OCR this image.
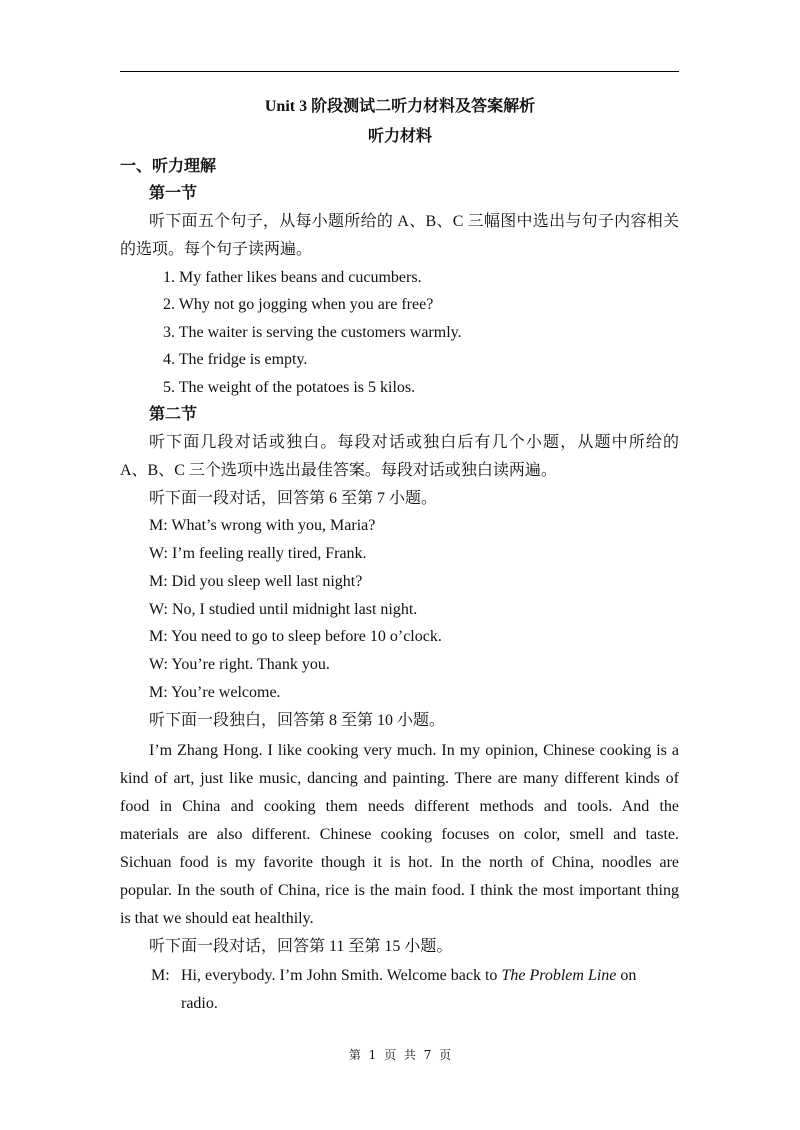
Unit 3 阶段测试二听力材料及答案解析
听力材料
一、听力理解
第一节
听下面五个句子，从每小题所给的 A、B、C 三幅图中选出与句子内容相关
的选项。每个句子读两遍。
1. My father likes beans and cucumbers.
2. Why not go jogging when you are free?
3. The waiter is serving the customers warmly.
4. The fridge is empty.
5. The weight of the potatoes is 5 kilos.
第二节
听下面几段对话或独白。每段对话或独白后有几个小题，从题中所给的
A、B、C 三个选项中选出最佳答案。每段对话或独白读两遍。
听下面一段对话，回答第 6 至第 7 小题。
M: What’s wrong with you, Maria?
W: I’m feeling really tired, Frank.
M: Did you sleep well last night?
W: No, I studied until midnight last night.
M: You need to go to sleep before 10 o’clock.
W: You’re right. Thank you.
M: You’re welcome.
听下面一段独白，回答第 8 至第 10 小题。
I’m Zhang Hong. I like cooking very much. In my opinion, Chinese cooking is a
kind of art, just like music, dancing and painting. There are many different kinds of
food in China and cooking them needs different methods and tools. And the
materials are also different. Chinese cooking focuses on color, smell and taste.
Sichuan food is my favorite though it is hot. In the north of China, noodles are
popular. In the south of China, rice is the main food. I think the most important thing
is that we should eat healthily.
听下面一段对话，回答第 11 至第 15 小题。
M: Hi, everybody. I’m John Smith. Welcome back to The Problem Line on
radio.
第 1 页 共 7 页
